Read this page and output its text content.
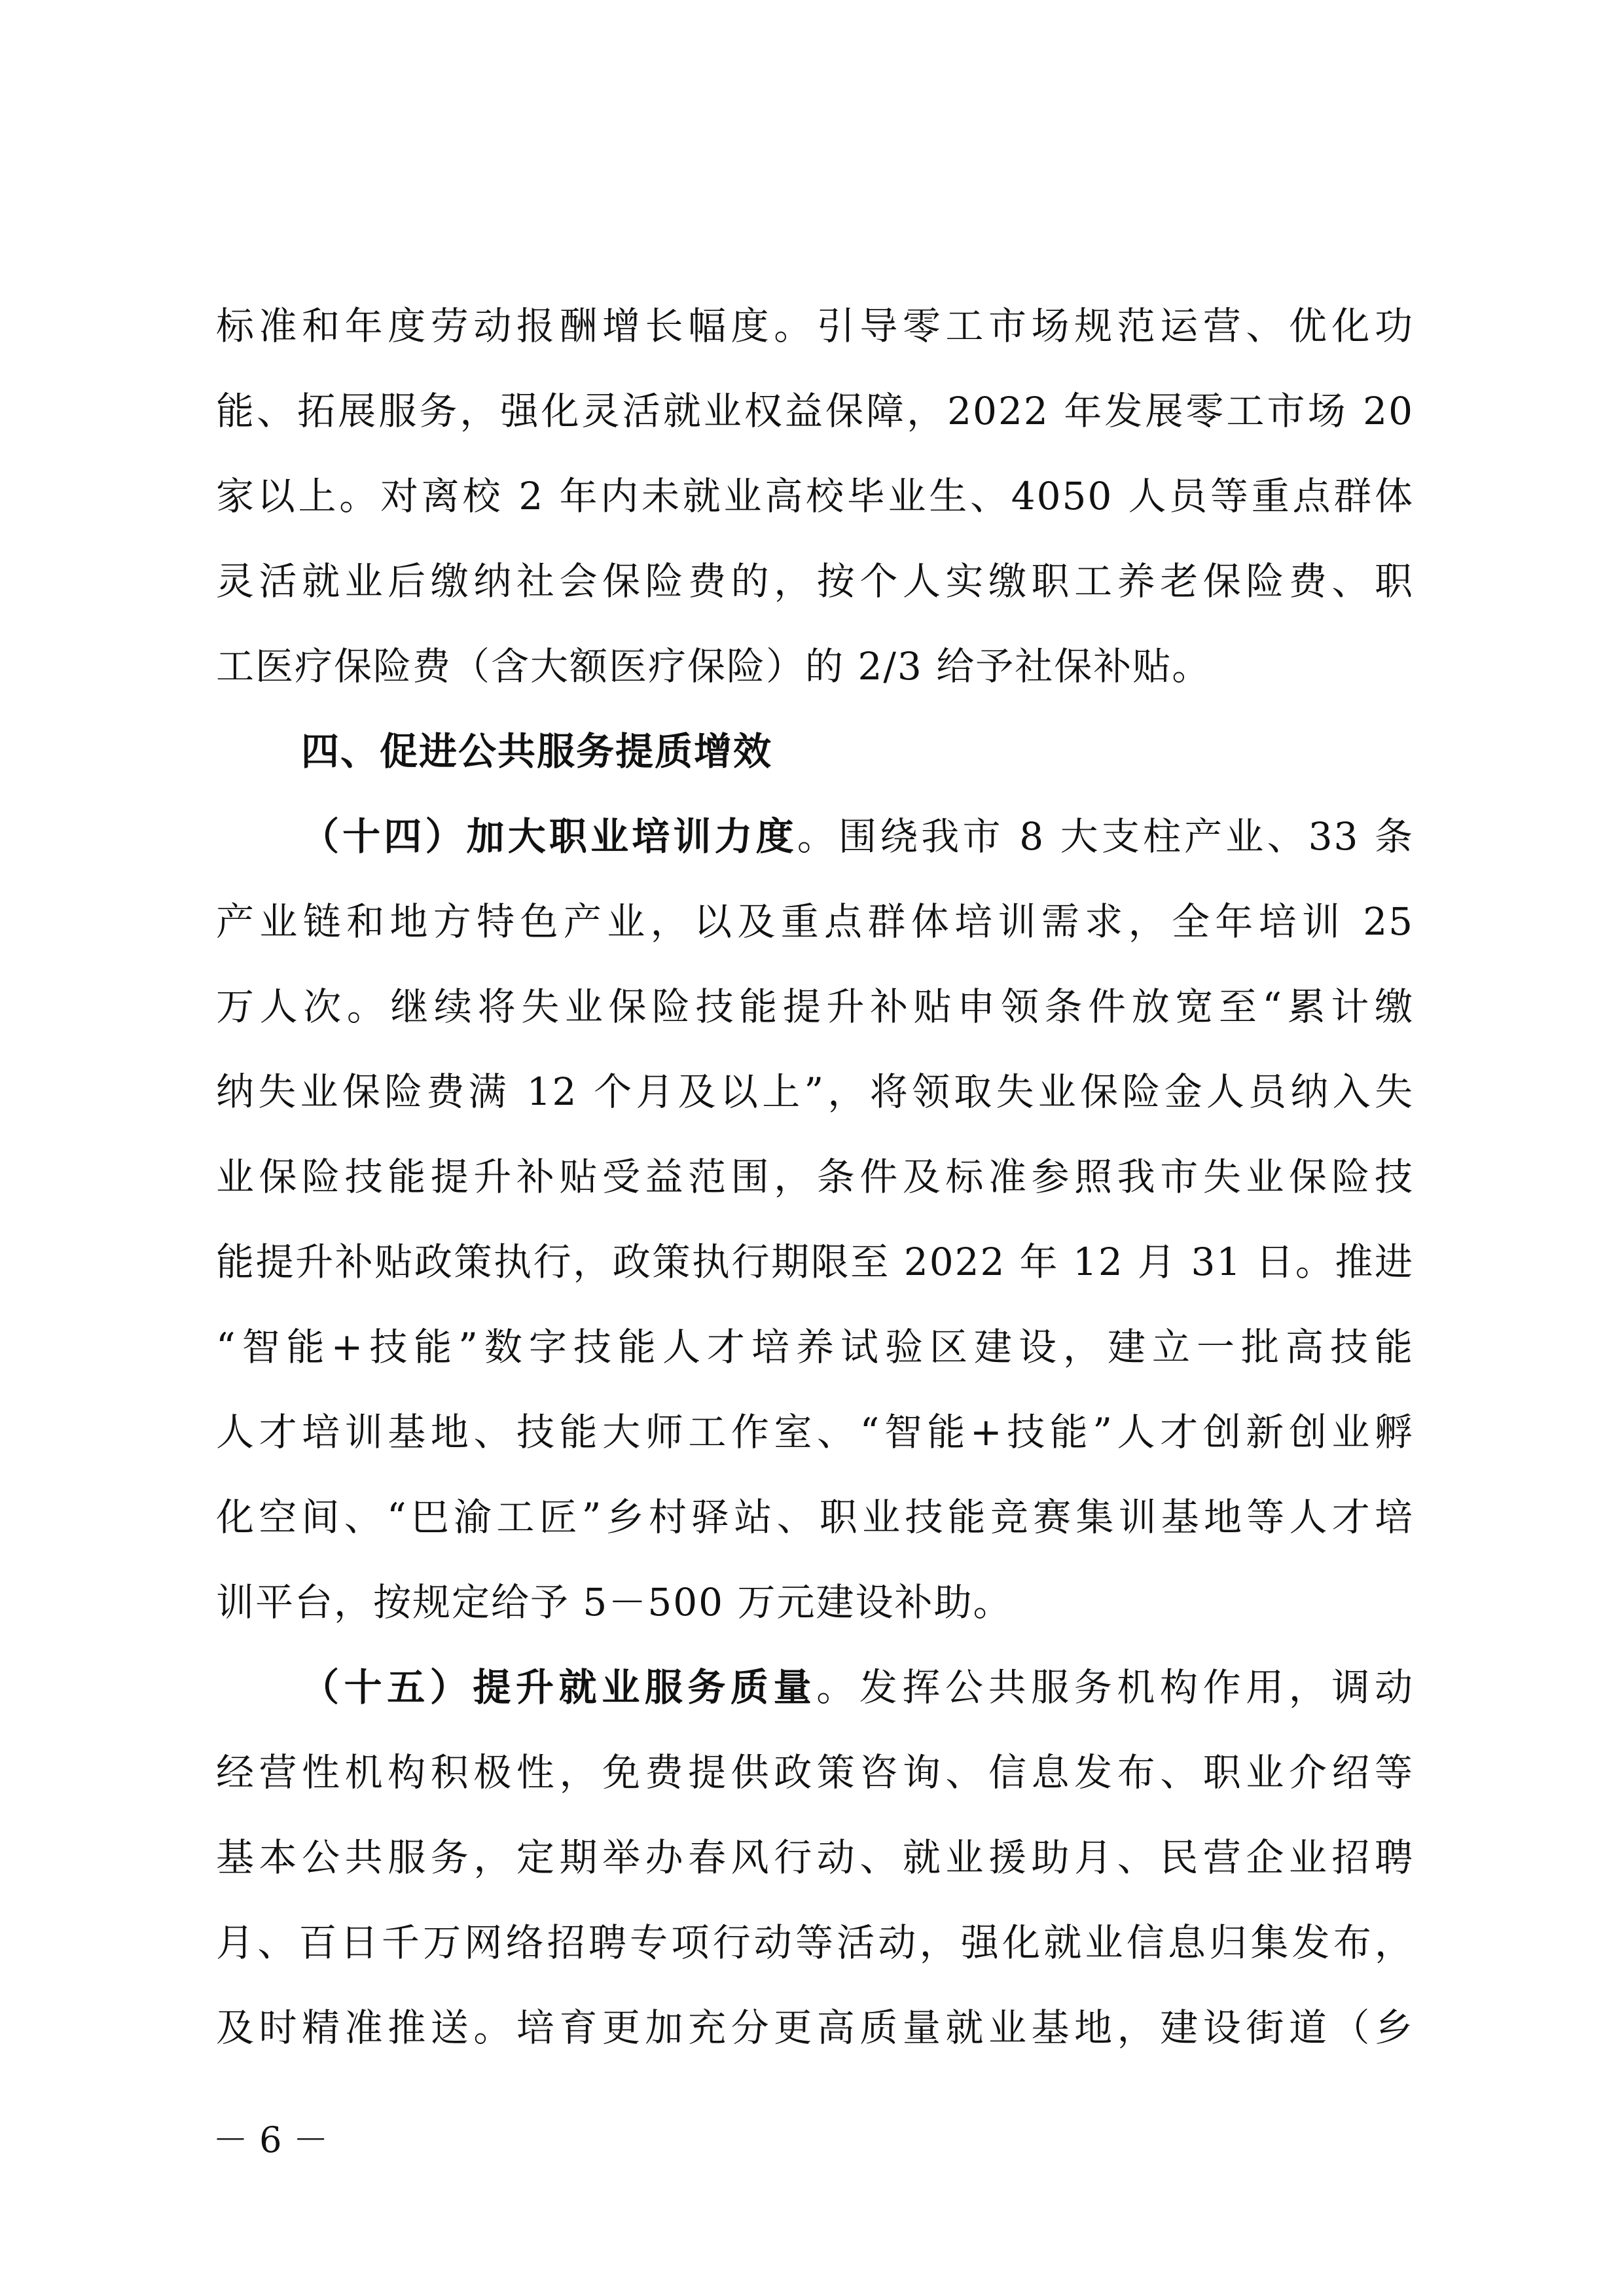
标准和年度劳动报酬增长幅度。引导零工市场规范运营、优化功
能、拓展服务，强化灵活就业权益保障，2022 年发展零工市场 20
家以上。对离校 2 年内未就业高校毕业生、4050 人员等重点群体
灵活就业后缴纳社会保险费的，按个人实缴职工养老保险费、职
工医疗保险费（含大额医疗保险）的 2/3 给予社保补贴。
四、促进公共服务提质增效
（十四）加大职业培训力度。围绕我市 8 大支柱产业、33 条
产业链和地方特色产业，以及重点群体培训需求，全年培训 25
万人次。继续将失业保险技能提升补贴申领条件放宽至“累计缴
纳失业保险费满 12 个月及以上”，将领取失业保险金人员纳入失
业保险技能提升补贴受益范围，条件及标准参照我市失业保险技
能提升补贴政策执行，政策执行期限至 2022 年 12 月 31 日。推进
“智能+技能”数字技能人才培养试验区建设，建立一批高技能
人才培训基地、技能大师工作室、“智能+技能”人才创新创业孵
化空间、“巴渝工匠”乡村驿站、职业技能竞赛集训基地等人才培
训平台，按规定给予 5－500 万元建设补助。
（十五）提升就业服务质量。发挥公共服务机构作用，调动
经营性机构积极性，免费提供政策咨询、信息发布、职业介绍等
基本公共服务，定期举办春风行动、就业援助月、民营企业招聘
月、百日千万网络招聘专项行动等活动，强化就业信息归集发布，
及时精准推送。培育更加充分更高质量就业基地，建设街道（乡
－ 6 －
